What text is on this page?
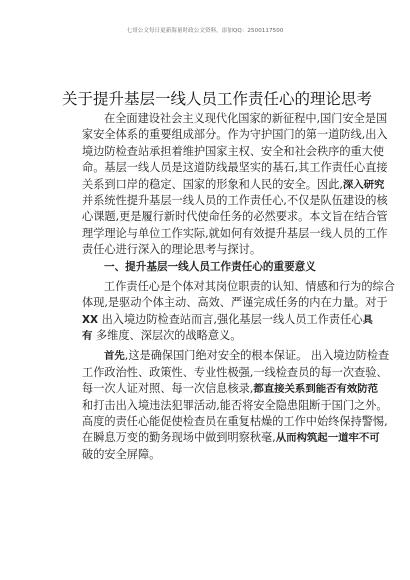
七哥公文每日更新海量时政公文资料，添加QQ：2500117500
关于提升基层一线人员工作责任心的理论思考
在全面建设社会主义现代化国家的新征程中,国门安全是国
家安全体系的重要组成部分。作为守护国门的第一道防线,出入
境边防检查站承担着维护国家主权、安全和社会秩序的重大使
命。基层一线人员是这道防线最坚实的基石,其工作责任心直接
关系到口岸的稳定、国家的形象和人民的安全。因此,深入研究
并系统性提升基层一线人员的工作责任心,不仅是队伍建设的核
心课题,更是履行新时代使命任务的必然要求。本文旨在结合管
理学理论与单位工作实际,就如何有效提升基层一线人员的工作
责任心进行深入的理论思考与探讨。
一、提升基层一线人员工作责任心的重要意义
工作责任心是个体对其岗位职责的认知、情感和行为的综合
体现,是驱动个体主动、高效、严谨完成任务的内在力量。对于
XX 出入境边防检查站而言,强化基层一线人员工作责任心具
有 多维度、深层次的战略意义。
首先,这是确保国门绝对安全的根本保证。 出入境边防检查
工作政治性、政策性、专业性极强,一线检查员的每一次查验、
每一次人证对照、每一次信息核录,都直接关系到能否有效防范
和打击出入境违法犯罪活动,能否将安全隐患阻断于国门之外。
高度的责任心能促使检查员在重复枯燥的工作中始终保持警惕,
在瞬息万变的勤务现场中做到明察秋毫,从而构筑起一道牢不可
破的安全屏障。
